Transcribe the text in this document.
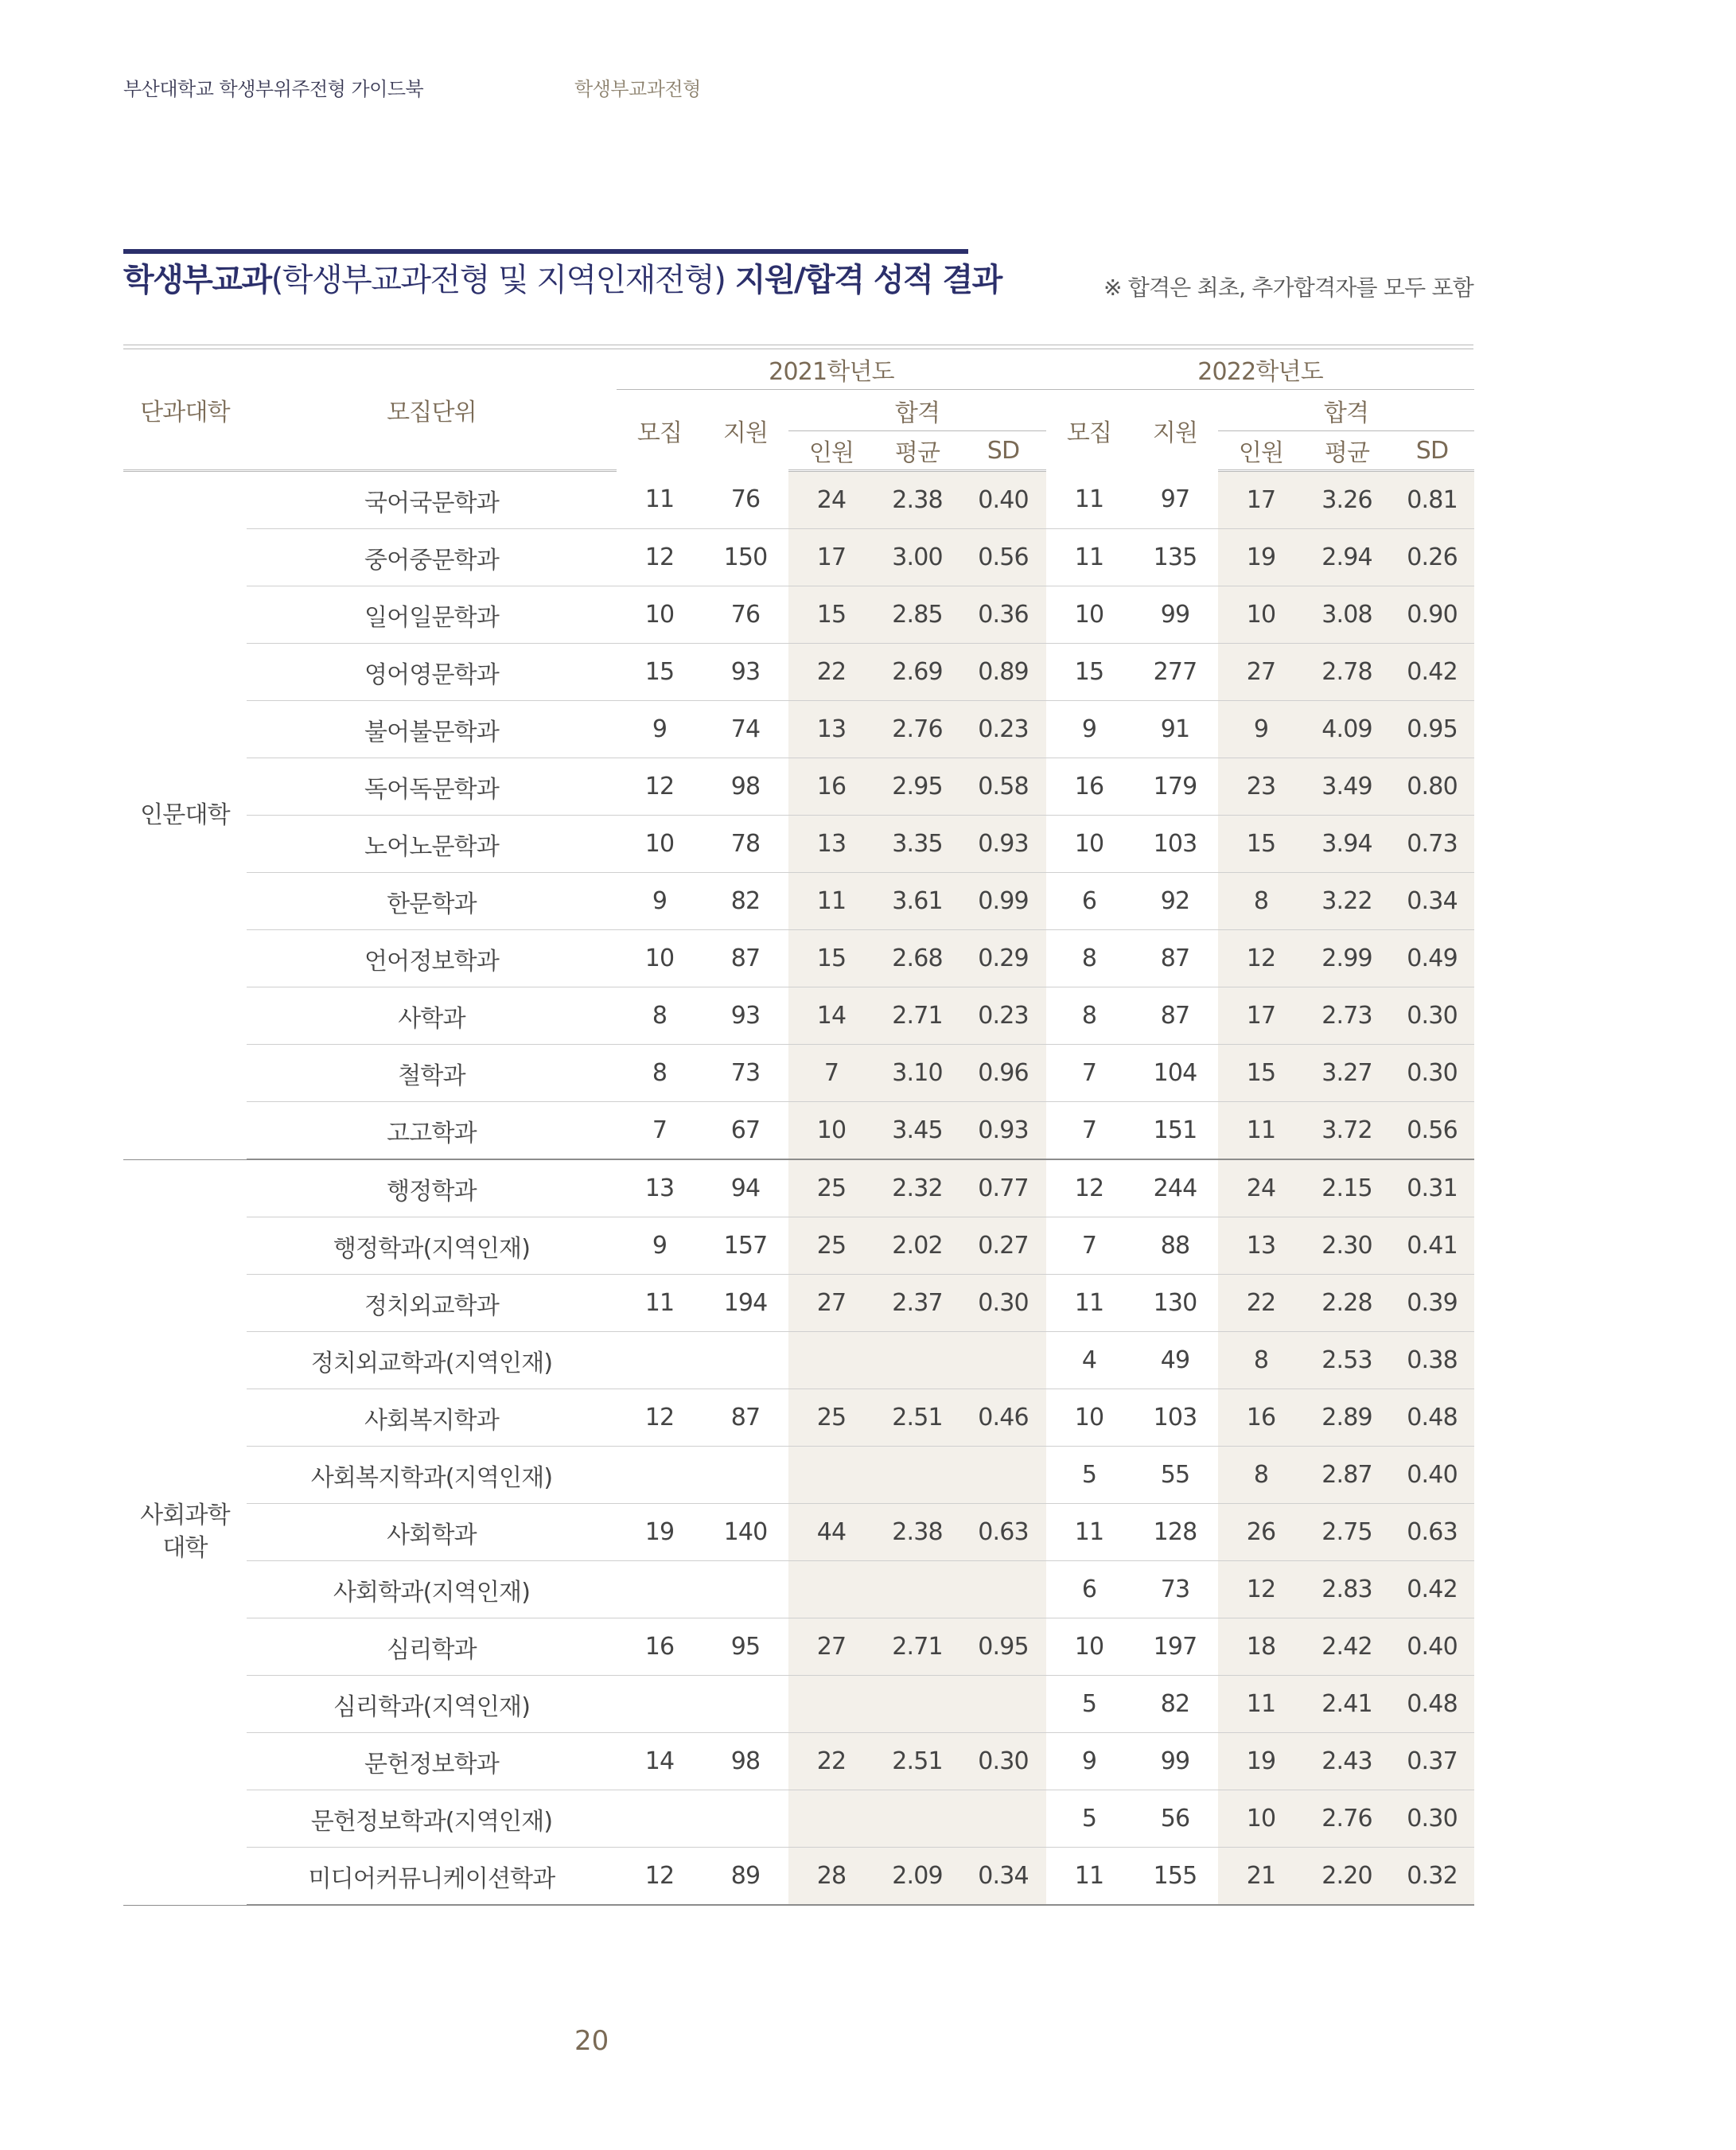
부산대학교 학생부위주전형 가이드북	학생부교과전형
학생부교과(학생부교과전형 및 지역인재전형) 지원/합격 성적 결과	※ 합격은 최초, 추가합격자를 모두 포함
단과대학	모집단위	2021학년도					2022학년도				
		모집	지원	합격			모집	지원	합격		
				인원	평균	SD			인원	평균	SD
인문대학	국어국문학과	11	76	24	2.38	0.40	11	97	17	3.26	0.81
	중어중문학과	12	150	17	3.00	0.56	11	135	19	2.94	0.26
	일어일문학과	10	76	15	2.85	0.36	10	99	10	3.08	0.90
	영어영문학과	15	93	22	2.69	0.89	15	277	27	2.78	0.42
	불어불문학과	9	74	13	2.76	0.23	9	91	9	4.09	0.95
	독어독문학과	12	98	16	2.95	0.58	16	179	23	3.49	0.80
	노어노문학과	10	78	13	3.35	0.93	10	103	15	3.94	0.73
	한문학과	9	82	11	3.61	0.99	6	92	8	3.22	0.34
	언어정보학과	10	87	15	2.68	0.29	8	87	12	2.99	0.49
	사학과	8	93	14	2.71	0.23	8	87	17	2.73	0.30
	철학과	8	73	7	3.10	0.96	7	104	15	3.27	0.30
	고고학과	7	67	10	3.45	0.93	7	151	11	3.72	0.56
사회과학
대학	행정학과	13	94	25	2.32	0.77	12	244	24	2.15	0.31
	행정학과(지역인재)	9	157	25	2.02	0.27	7	88	13	2.30	0.41
	정치외교학과	11	194	27	2.37	0.30	11	130	22	2.28	0.39
	정치외교학과(지역인재)						4	49	8	2.53	0.38
	사회복지학과	12	87	25	2.51	0.46	10	103	16	2.89	0.48
	사회복지학과(지역인재)						5	55	8	2.87	0.40
	사회학과	19	140	44	2.38	0.63	11	128	26	2.75	0.63
	사회학과(지역인재)						6	73	12	2.83	0.42
	심리학과	16	95	27	2.71	0.95	10	197	18	2.42	0.40
	심리학과(지역인재)						5	82	11	2.41	0.48
	문헌정보학과	14	98	22	2.51	0.30	9	99	19	2.43	0.37
	문헌정보학과(지역인재)						5	56	10	2.76	0.30
	미디어커뮤니케이션학과	12	89	28	2.09	0.34	11	155	21	2.20	0.32
20
